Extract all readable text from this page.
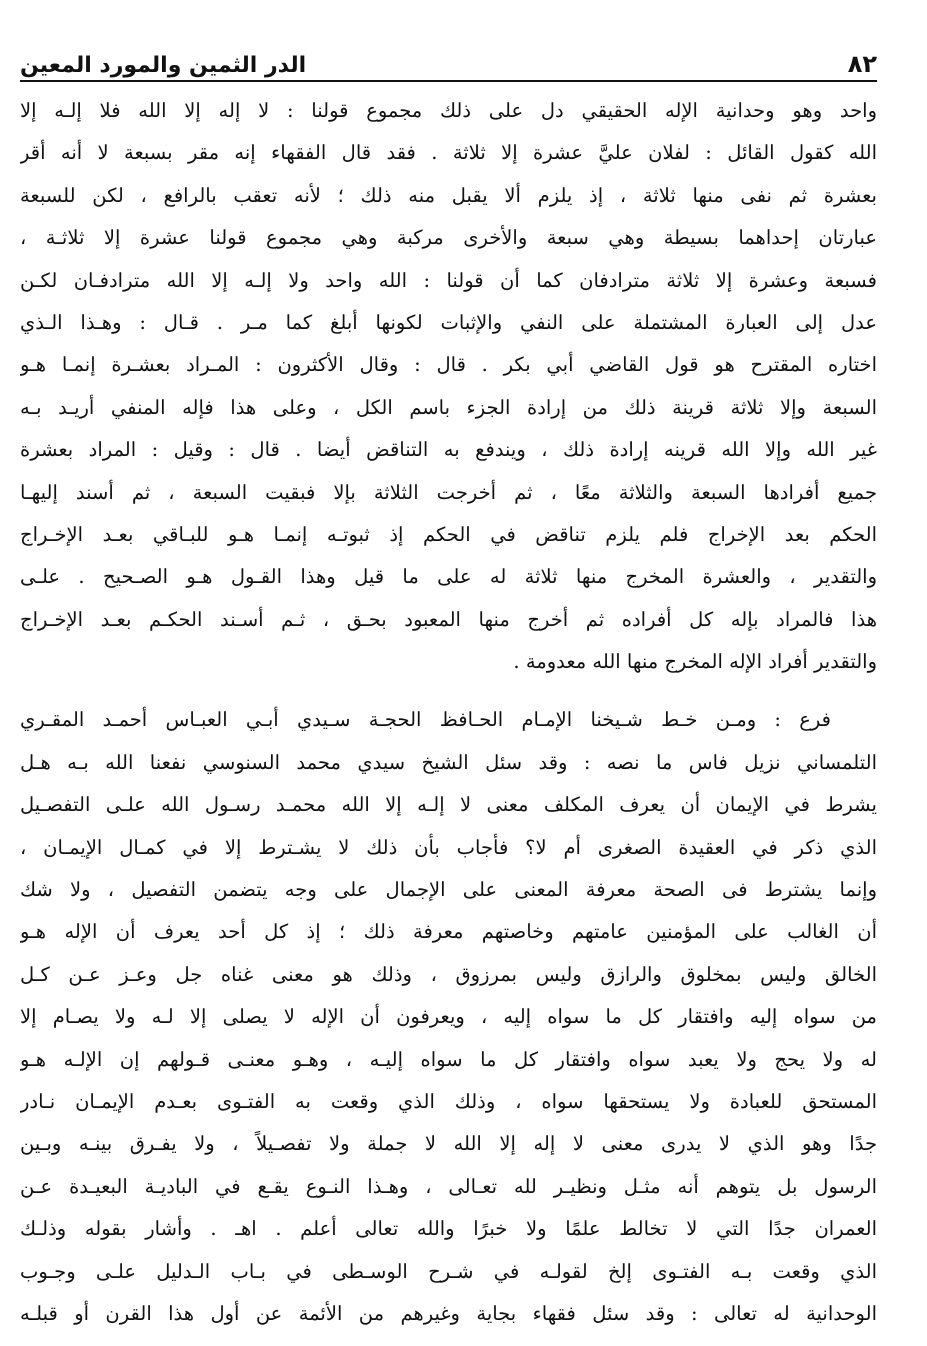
الدر الثمين والمورد المعين	٨٢
واحد وهو وحدانية الإله الحقيقي دل على ذلك مجموع قولنا : لا إله إلا الله فلا إلـه إلا
الله كقول القائل : لفلان عليَّ عشرة إلا ثلاثة . فقد قال الفقهاء إنه مقر بسبعة لا أنه أقر
بعشرة ثم نفى منها ثلاثة ، إذ يلزم ألا يقبل منه ذلك ؛ لأنه تعقب بالرافع ، لكن للسبعة
عبارتان إحداهما بسيطة وهي سبعة والأخرى مركبة وهي مجموع قولنا عشرة إلا ثلاثـة ،
فسبعة وعشرة إلا ثلاثة مترادفان كما أن قولنا : الله واحد ولا إلـه إلا الله مترادفـان لكـن
عدل إلى العبارة المشتملة على النفي والإثبات لكونها أبلغ كما مـر . قـال : وهـذا الـذي
اختاره المقترح هو قول القاضي أبي بكر . قال : وقال الأكثرون : المـراد بعشـرة إنمـا هـو
السبعة وإلا ثلاثة قرينة ذلك من إرادة الجزء باسم الكل ، وعلى هذا فإله المنفي أريـد بـه
غير الله وإلا الله قرينه إرادة ذلك ، ويندفع به التناقض أيضا . قال : وقيل : المراد بعشرة
جميع أفرادها السبعة والثلاثة معًا ، ثم أخرجت الثلاثة بإلا فبقيت السبعة ، ثم أسند إليهـا
الحكم بعد الإخراج فلم يلزم تناقض في الحكم إذ ثبوتـه إنمـا هـو للبـاقي بعـد الإخـراج
والتقدير ، والعشرة المخرج منها ثلاثة له على ما قيل وهذا القـول هـو الصـحيح . علـى
هذا فالمراد بإله كل أفراده ثم أخرج منها المعبود بحـق ، ثـم أسـند الحكـم بعـد الإخـراج
والتقدير أفراد الإله المخرج منها الله معدومة .
فرع : ومـن خـط شـيخنا الإمـام الحـافظ الحجـة سـيدي أبـي العبـاس أحمـد المقـري
التلمساني نزيل فاس ما نصه : وقد سئل الشيخ سيدي محمد السنوسي نفعنا الله بـه هـل
يشرط في الإيمان أن يعرف المكلف معنى لا إلـه إلا الله محمـد رسـول الله علـى التفصـيل
الذي ذكر في العقيدة الصغرى أم لا؟ فأجاب بأن ذلك لا يشـترط إلا في كمـال الإيمـان ،
وإنما يشترط فى الصحة معرفة المعنى على الإجمال على وجه يتضمن التفصيل ، ولا شك
أن الغالب على المؤمنين عامتهم وخاصتهم معرفة ذلك ؛ إذ كل أحد يعرف أن الإله هـو
الخالق وليس بمخلوق والرازق وليس بمرزوق ، وذلك هو معنى غناه جل وعـز عـن كـل
من سواه إليه وافتقار كل ما سواه إليه ، ويعرفون أن الإله لا يصلى إلا لـه ولا يصـام إلا
له ولا يحج ولا يعبد سواه وافتقار كل ما سواه إليـه ، وهـو معنـى قـولهم إن الإلـه هـو
المستحق للعبادة ولا يستحقها سواه ، وذلك الذي وقعت به الفتـوى بعـدم الإيمـان نـادر
جدًا وهو الذي لا يدرى معنى لا إله إلا الله لا جملة ولا تفصـيلاً ، ولا يفـرق بينـه وبـين
الرسول بل يتوهم أنه مثـل ونظيـر لله تعـالى ، وهـذا النـوع يقـع في الباديـة البعيـدة عـن
العمران جدًا التي لا تخالط علمًا ولا خبرًا والله تعالى أعلم . اهـ . وأشار بقوله وذلـك
الذي وقعت بـه الفتـوى إلخ لقولـه في شـرح الوسـطى في بـاب الـدليل علـى وجـوب
الوحدانية له تعالى : وقد سئل فقهاء بجاية وغيرهم من الأئمة عن أول هذا القرن أو قبلـه
